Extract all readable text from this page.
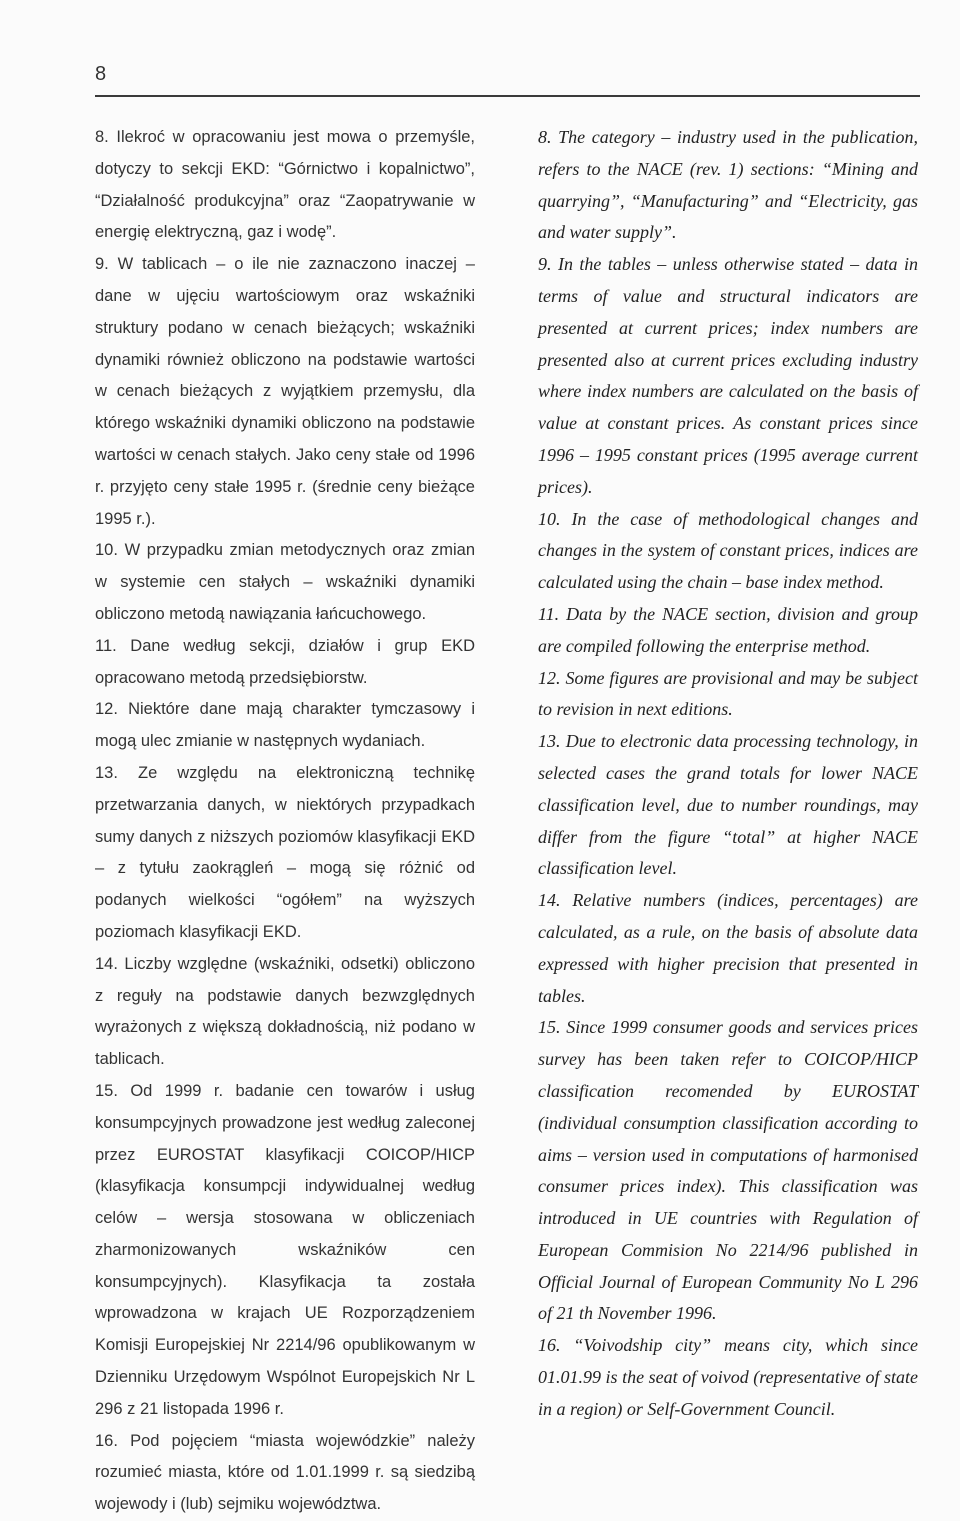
8

8. Ilekroć w opracowaniu jest mowa o przemyśle, dotyczy to sekcji EKD: “Górnictwo i kopalnictwo”, “Działalność produkcyjna” oraz “Zaopatrywanie w energię elektryczną, gaz i wodę”.

9. W tablicach – o ile nie zaznaczono inaczej – dane w ujęciu wartościowym oraz wskaźniki struktury podano w cenach bieżących; wskaźniki dynamiki również obliczono na podstawie wartości w cenach bieżących z wyjątkiem przemysłu, dla którego wskaźniki dynamiki obliczono na podstawie wartości w cenach stałych. Jako ceny stałe od 1996 r. przyjęto ceny stałe 1995 r. (średnie ceny bieżące 1995 r.).

10. W przypadku zmian metodycznych oraz zmian w systemie cen stałych – wskaźniki dynamiki obliczono metodą nawiązania łańcuchowego.

11. Dane według sekcji, działów i grup EKD opracowano metodą przedsiębiorstw.

12. Niektóre dane mają charakter tymczasowy i mogą ulec zmianie w następnych wydaniach.

13. Ze względu na elektroniczną technikę przetwarzania danych, w niektórych przypadkach sumy danych z niższych poziomów klasyfikacji EKD – z tytułu zaokrągleń – mogą się różnić od podanych wielkości “ogółem” na wyższych poziomach klasyfikacji EKD.

14. Liczby względne (wskaźniki, odsetki) obliczono z reguły na podstawie danych bezwzględnych wyrażonych z większą dokładnością, niż podano w tablicach.

15. Od 1999 r. badanie cen towarów i usług konsumpcyjnych prowadzone jest według zaleconej przez EUROSTAT klasyfikacji COICOP/HICP (klasyfikacja konsumpcji indywidualnej według celów – wersja stosowana w obliczeniach zharmonizowanych wskaźników cen konsumpcyjnych). Klasyfikacja ta została wprowadzona w krajach UE Rozporządzeniem Komisji Europejskiej Nr 2214/96 opublikowanym w Dzienniku Urzędowym Wspólnot Europejskich Nr L 296 z 21 listopada 1996 r.

16. Pod pojęciem “miasta wojewódzkie” należy rozumieć miasta, które od 1.01.1999 r. są siedzibą wojewody i (lub) sejmiku województwa.

8. The category – industry used in the publication, refers to the NACE (rev. 1) sections: “Mining and quarrying”, “Manufacturing” and “Electricity, gas and water supply”.

9. In the tables – unless otherwise stated – data in terms of value and structural indicators are presented at current prices; index numbers are presented also at current prices excluding industry where index numbers are calculated on the basis of value at constant prices. As constant prices since 1996 – 1995 constant prices (1995 average current prices).

10. In the case of methodological changes and changes in the system of constant prices, indices are calculated using the chain – base index method.

11. Data by the NACE section, division and group are compiled following the enterprise method.

12. Some figures are provisional and may be subject to revision in next editions.

13. Due to electronic data processing technology, in selected cases the grand totals for lower NACE classification level, due to number roundings, may differ from the figure “total” at higher NACE classification level.

14. Relative numbers (indices, percentages) are calculated, as a rule, on the basis of absolute data expressed with higher precision that presented in tables.

15. Since 1999 consumer goods and services prices survey has been taken refer to COICOP/HICP classification recomended by EUROSTAT (individual consumption classification according to aims – version used in computations of harmonised consumer prices index). This classification was introduced in UE countries with Regulation of European Commision No 2214/96 published in Official Journal of European Community No L 296 of 21 th November 1996.

16. “Voivodship city” means city, which since 01.01.99 is the seat of voivod (representative of state in a region) or Self-Government Council.
